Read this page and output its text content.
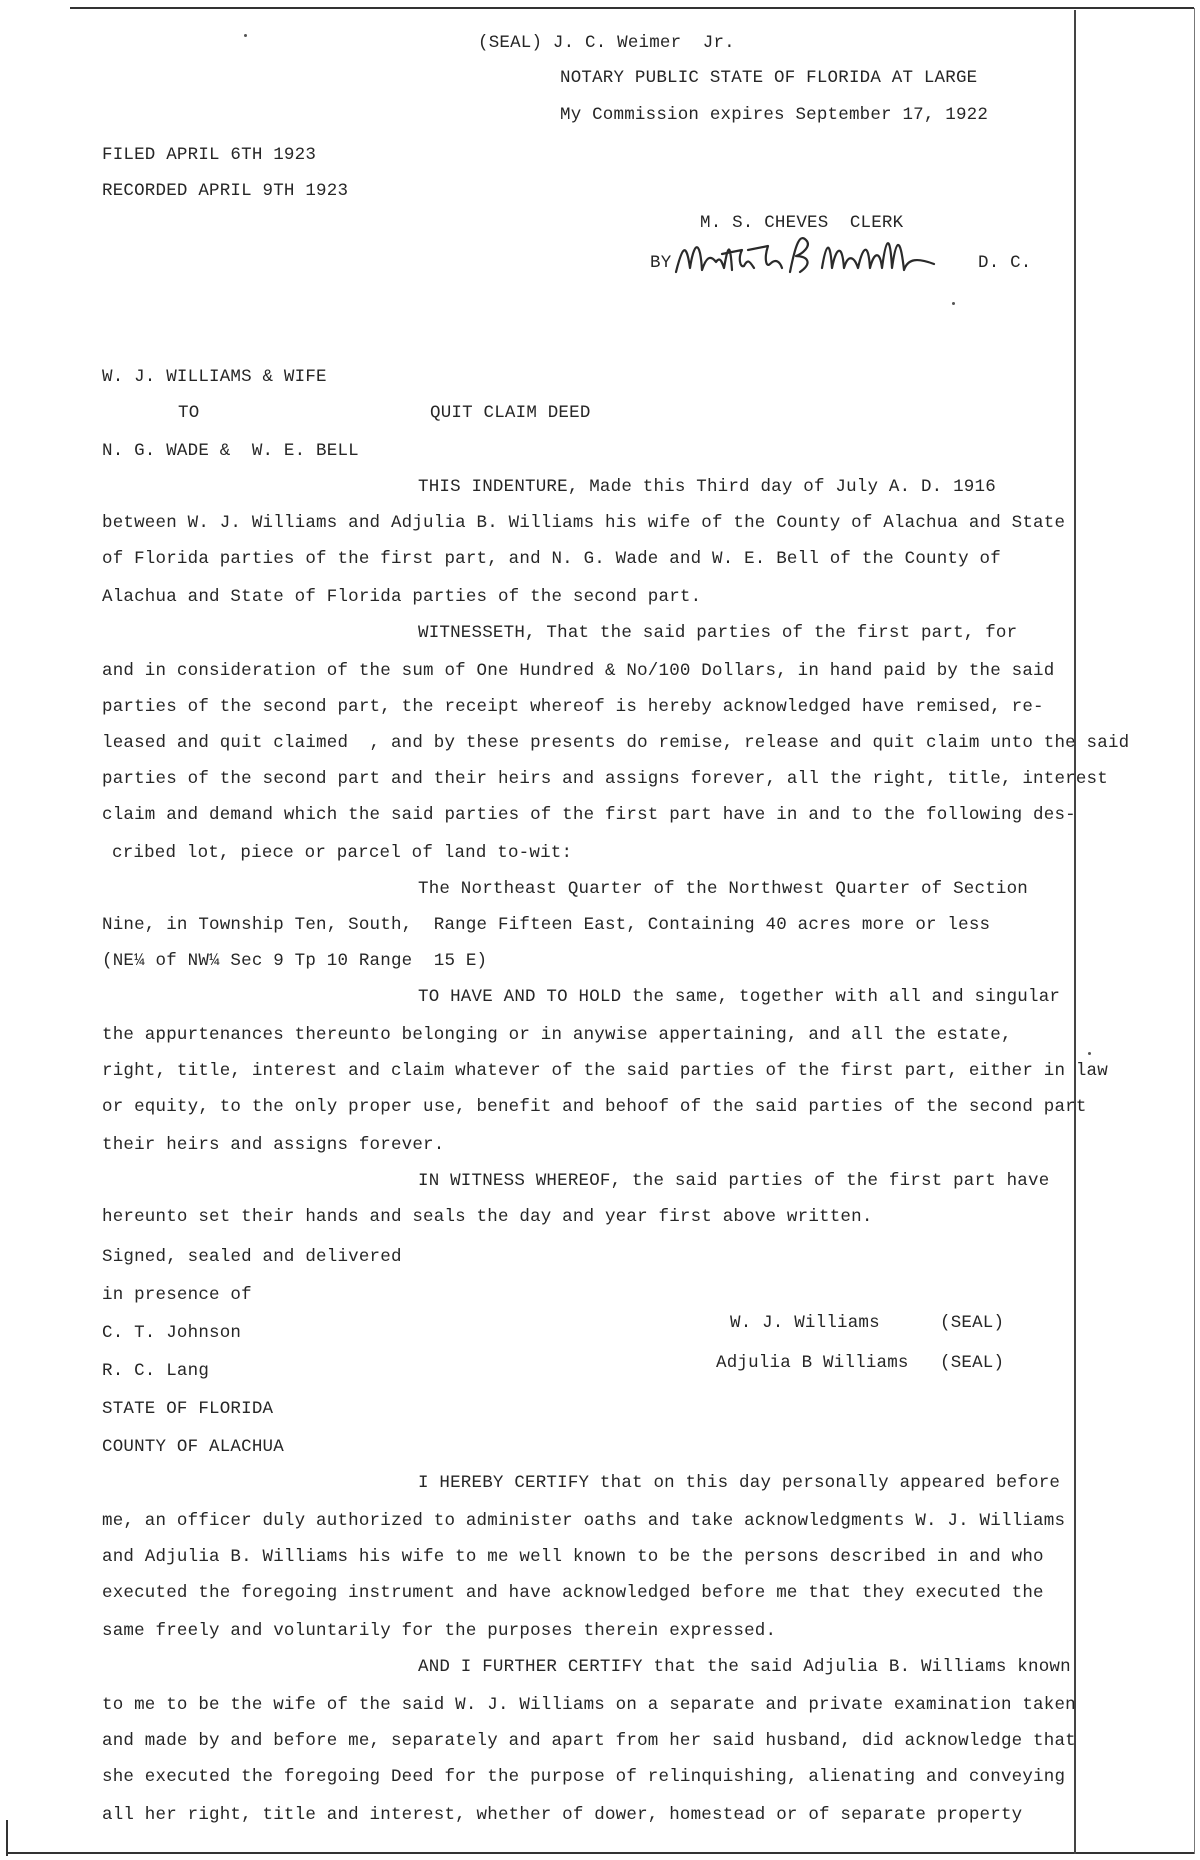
(SEAL) J. C. Weimer  Jr.
NOTARY PUBLIC STATE OF FLORIDA AT LARGE
My Commission expires September 17, 1922
FILED APRIL 6TH 1923
RECORDED APRIL 9TH 1923
M. S. CHEVES  CLERK
BY	D. C.
W. J. WILLIAMS & WIFE
TO	QUIT CLAIM DEED
N. G. WADE &  W. E. BELL
THIS INDENTURE, Made this Third day of July A. D. 1916
between W. J. Williams and Adjulia B. Williams his wife of the County of Alachua and State
of Florida parties of the first part, and N. G. Wade and W. E. Bell of the County of
Alachua and State of Florida parties of the second part.
WITNESSETH, That the said parties of the first part, for
and in consideration of the sum of One Hundred & No/100 Dollars, in hand paid by the said
parties of the second part, the receipt whereof is hereby acknowledged have remised, re-
leased and quit claimed  , and by these presents do remise, release and quit claim unto the said
parties of the second part and their heirs and assigns forever, all the right, title, interest
claim and demand which the said parties of the first part have in and to the following des-
cribed lot, piece or parcel of land to-wit:
The Northeast Quarter of the Northwest Quarter of Section
Nine, in Township Ten, South,  Range Fifteen East, Containing 40 acres more or less
(NE¼ of NW¼ Sec 9 Tp 10 Range  15 E)
TO HAVE AND TO HOLD the same, together with all and singular
the appurtenances thereunto belonging or in anywise appertaining, and all the estate,
right, title, interest and claim whatever of the said parties of the first part, either in law
or equity, to the only proper use, benefit and behoof of the said parties of the second part
their heirs and assigns forever.
IN WITNESS WHEREOF, the said parties of the first part have
hereunto set their hands and seals the day and year first above written.
Signed, sealed and delivered
in presence of
C. T. Johnson
R. C. Lang
W. J. Williams	(SEAL)
Adjulia B Williams (SEAL)
STATE OF FLORIDA
COUNTY OF ALACHUA
I HEREBY CERTIFY that on this day personally appeared before
me, an officer duly authorized to administer oaths and take acknowledgments W. J. Williams
and Adjulia B. Williams his wife to me well known to be the persons described in and who
executed the foregoing instrument and have acknowledged before me that they executed the
same freely and voluntarily for the purposes therein expressed.
AND I FURTHER CERTIFY that the said Adjulia B. Williams known
to me to be the wife of the said W. J. Williams on a separate and private examination taken
and made by and before me, separately and apart from her said husband, did acknowledge that
she executed the foregoing Deed for the purpose of relinquishing, alienating and conveying
all her right, title and interest, whether of dower, homestead or of separate property
